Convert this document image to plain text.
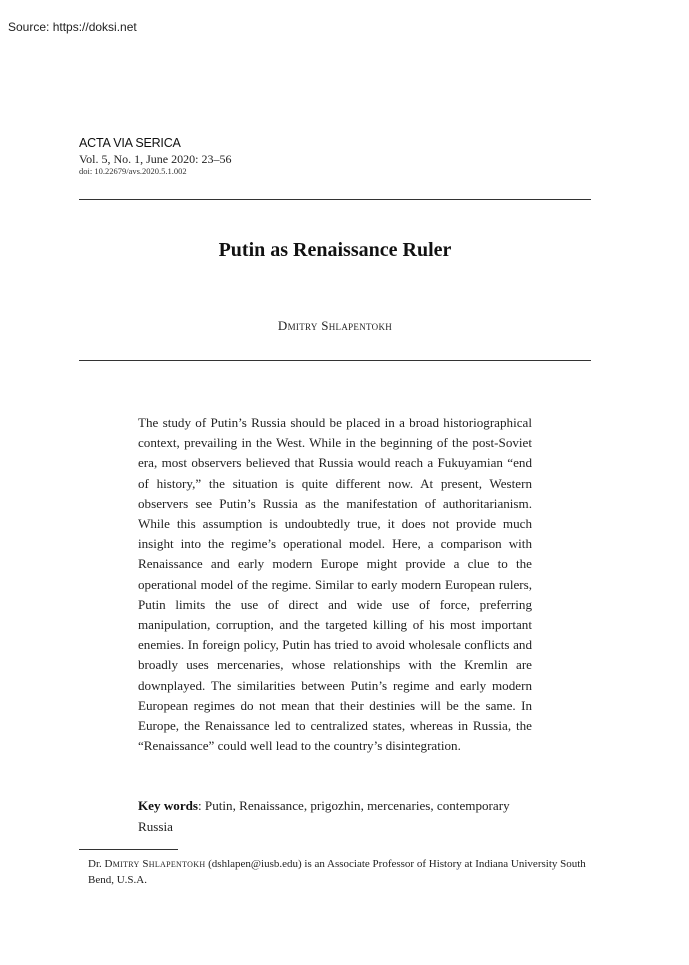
Source: https://doksi.net
ACTA VIA SERICA
Vol. 5, No. 1, June 2020: 23–56
doi: 10.22679/avs.2020.5.1.002
Putin as Renaissance Ruler
Dmitry Shlapentokh

The study of Putin’s Russia should be placed in a broad historiographical context, prevailing in the West. While in the beginning of the post-Soviet era, most observers believed that Russia would reach a Fukuyamian “end of history,” the situation is quite different now. At present, Western observers see Putin’s Russia as the manifestation of authoritarianism. While this assumption is undoubtedly true, it does not provide much insight into the regime’s operational model. Here, a comparison with Renaissance and early modern Europe might provide a clue to the operational model of the regime. Similar to early modern European rulers, Putin limits the use of direct and wide use of force, preferring manipulation, corruption, and the targeted killing of his most important enemies. In foreign policy, Putin has tried to avoid wholesale conflicts and broadly uses mercenaries, whose relationships with the Kremlin are downplayed. The similarities between Putin’s regime and early modern European regimes do not mean that their destinies will be the same. In Europe, the Renaissance led to centralized states, whereas in Russia, the “Renaissance” could well lead to the country’s disintegration.

Key words: Putin, Renaissance, prigozhin, mercenaries, contemporary Russia

Dr. Dmitry Shlapentokh (dshlapen@iusb.edu) is an Associate Professor of History at Indiana University South Bend, U.S.A.
